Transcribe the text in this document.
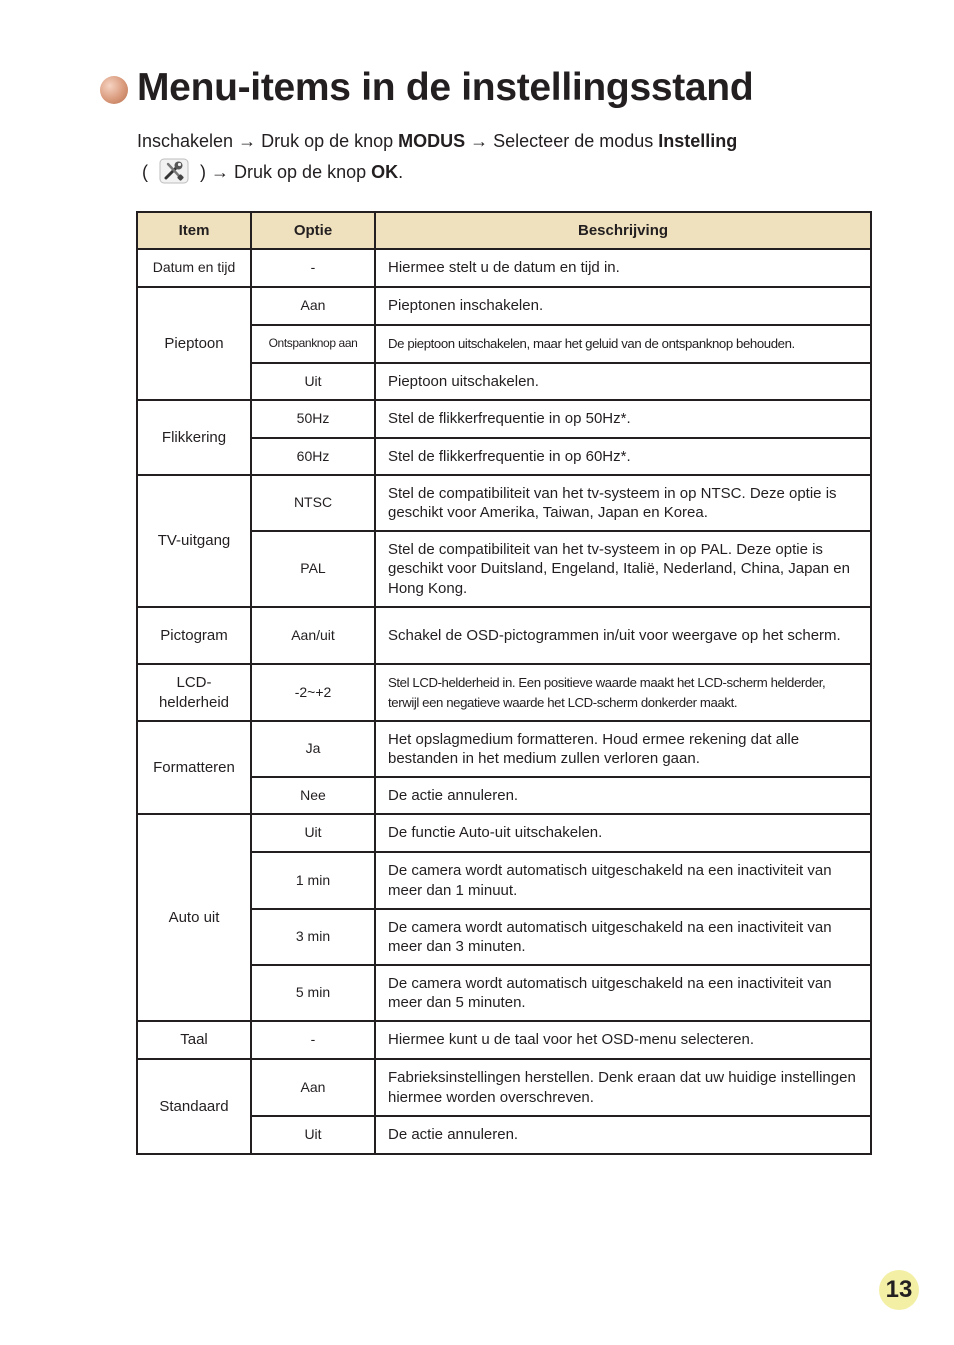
Menu-items in de instellingsstand
Inschakelen → Druk op de knop MODUS → Selecteer de modus Instelling
(	) → Druk op de knop OK.
Item	Optie	Beschrijving
Datum en tijd	-	Hiermee stelt u de datum en tijd in.
Pieptoon	Aan	Pieptonen inschakelen.
	Ontspanknop aan	De pieptoon uitschakelen, maar het geluid van de ontspanknop behouden.
	Uit	Pieptoon uitschakelen.
Flikkering	50Hz	Stel de flikkerfrequentie in op 50Hz*.
	60Hz	Stel de flikkerfrequentie in op 60Hz*.
TV-uitgang	NTSC	Stel de compatibiliteit van het tv-systeem in op NTSC. Deze optie is geschikt voor Amerika, Taiwan, Japan en Korea.
	PAL	Stel de compatibiliteit van het tv-systeem in op PAL. Deze optie is geschikt voor Duitsland, Engeland, Italië, Nederland, China, Japan en Hong Kong.
Pictogram	Aan/uit	Schakel de OSD-pictogrammen in/uit voor weergave op het scherm.
LCD-helderheid	-2~+2	Stel LCD-helderheid in. Een positieve waarde maakt het LCD-scherm helderder, terwijl een negatieve waarde het LCD-scherm donkerder maakt.
Formatteren	Ja	Het opslagmedium formatteren. Houd ermee rekening dat alle bestanden in het medium zullen verloren gaan.
	Nee	De actie annuleren.
Auto uit	Uit	De functie Auto-uit uitschakelen.
	1 min	De camera wordt automatisch uitgeschakeld na een inactiviteit van meer dan 1 minuut.
	3 min	De camera wordt automatisch uitgeschakeld na een inactiviteit van meer dan 3 minuten.
	5 min	De camera wordt automatisch uitgeschakeld na een inactiviteit van meer dan 5 minuten.
Taal	-	Hiermee kunt u de taal voor het OSD-menu selecteren.
Standaard	Aan	Fabrieksinstellingen herstellen. Denk eraan dat uw huidige instellingen hiermee worden overschreven.
	Uit	De actie annuleren.
13
